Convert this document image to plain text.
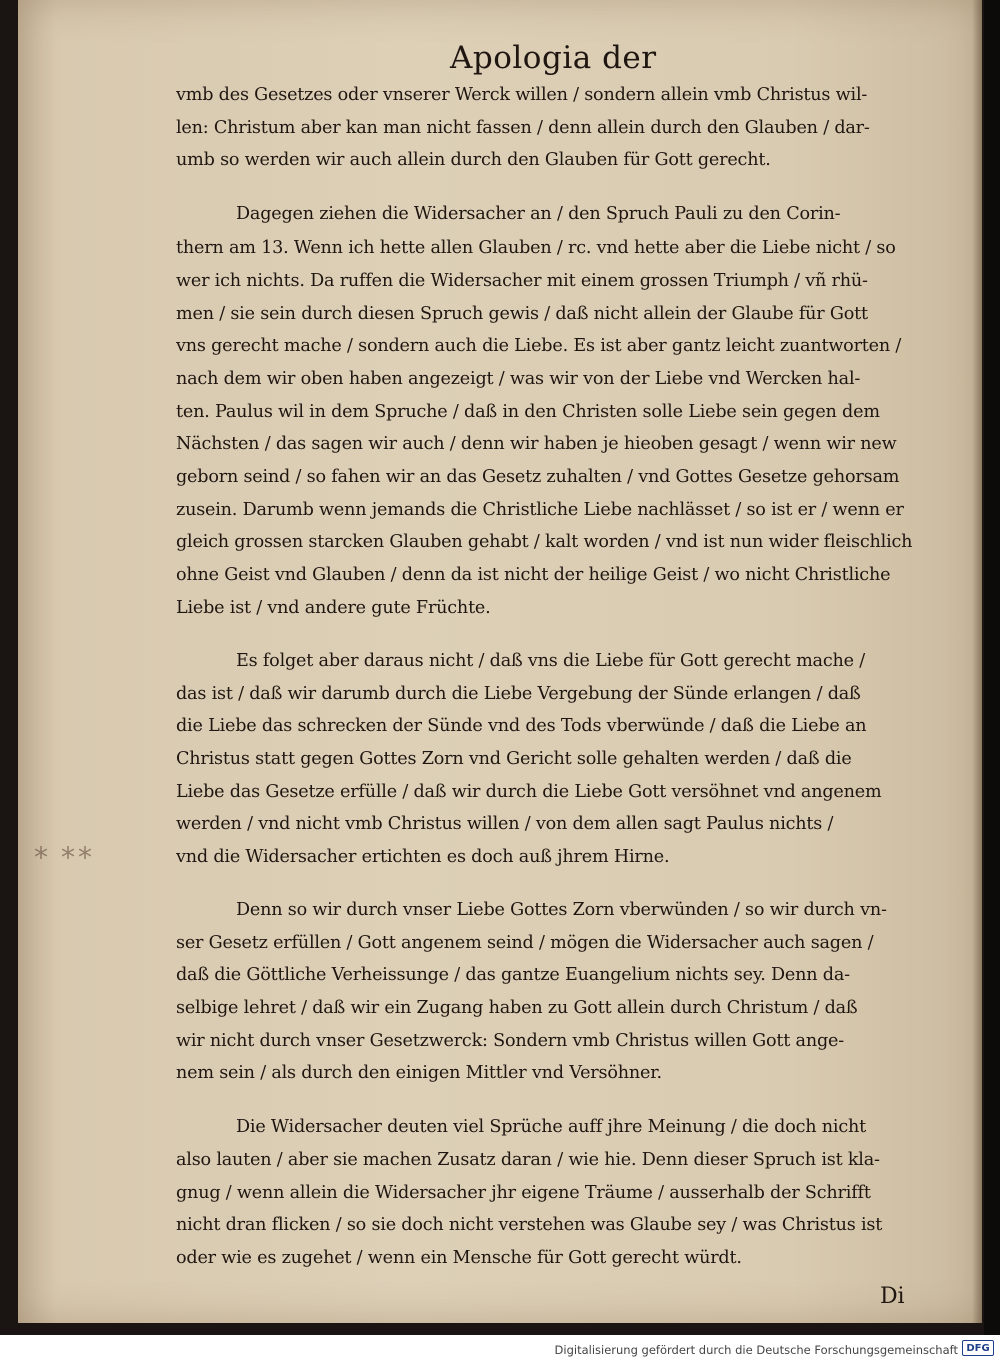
Apologia der
⁎ ⁎⁎
vmb des Gesetzes oder vnserer Werck willen / sondern allein vmb Christus wil-
len: Christum aber kan man nicht fassen / denn allein durch den Glauben / dar-
umb so werden wir auch allein durch den Glauben für Gott gerecht.
Dagegen ziehen die Widersacher an / den Spruch Pauli zu den Corin-
thern am 13. Wenn ich hette allen Glauben / rc. vnd hette aber die Liebe nicht / so
wer ich nichts. Da ruffen die Widersacher mit einem grossen Triumph / vñ rhü-
men / sie sein durch diesen Spruch gewis / daß nicht allein der Glaube für Gott
vns gerecht mache / sondern auch die Liebe. Es ist aber gantz leicht zuantworten /
nach dem wir oben haben angezeigt / was wir von der Liebe vnd Wercken hal-
ten. Paulus wil in dem Spruche / daß in den Christen solle Liebe sein gegen dem
Nächsten / das sagen wir auch / denn wir haben je hieoben gesagt / wenn wir new
geborn seind / so fahen wir an das Gesetz zuhalten / vnd Gottes Gesetze gehorsam
zusein. Darumb wenn jemands die Christliche Liebe nachlässet / so ist er / wenn er
gleich grossen starcken Glauben gehabt / kalt worden / vnd ist nun wider fleischlich
ohne Geist vnd Glauben / denn da ist nicht der heilige Geist / wo nicht Christliche
Liebe ist / vnd andere gute Früchte.
Es folget aber daraus nicht / daß vns die Liebe für Gott gerecht mache /
das ist / daß wir darumb durch die Liebe Vergebung der Sünde erlangen / daß
die Liebe das schrecken der Sünde vnd des Tods vberwünde / daß die Liebe an
Christus statt gegen Gottes Zorn vnd Gericht solle gehalten werden / daß die
Liebe das Gesetze erfülle / daß wir durch die Liebe Gott versöhnet vnd angenem
werden / vnd nicht vmb Christus willen / von dem allen sagt Paulus nichts /
vnd die Widersacher ertichten es doch auß jhrem Hirne.
Denn so wir durch vnser Liebe Gottes Zorn vberwünden / so wir durch vn-
ser Gesetz erfüllen / Gott angenem seind / mögen die Widersacher auch sagen /
daß die Göttliche Verheissunge / das gantze Euangelium nichts sey. Denn da-
selbige lehret / daß wir ein Zugang haben zu Gott allein durch Christum / daß
wir nicht durch vnser Gesetzwerck: Sondern vmb Christus willen Gott ange-
nem sein / als durch den einigen Mittler vnd Versöhner.
Die Widersacher deuten viel Sprüche auff jhre Meinung / die doch nicht
also lauten / aber sie machen Zusatz daran / wie hie. Denn dieser Spruch ist kla-
gnug / wenn allein die Widersacher jhr eigene Träume / ausserhalb der Schrifft
nicht dran flicken / so sie doch nicht verstehen was Glaube sey / was Christus ist
oder wie es zugehet / wenn ein Mensche für Gott gerecht würdt.
Di
Digitalisierung gefördert durch die Deutsche Forschungsgemeinschaft DFG
